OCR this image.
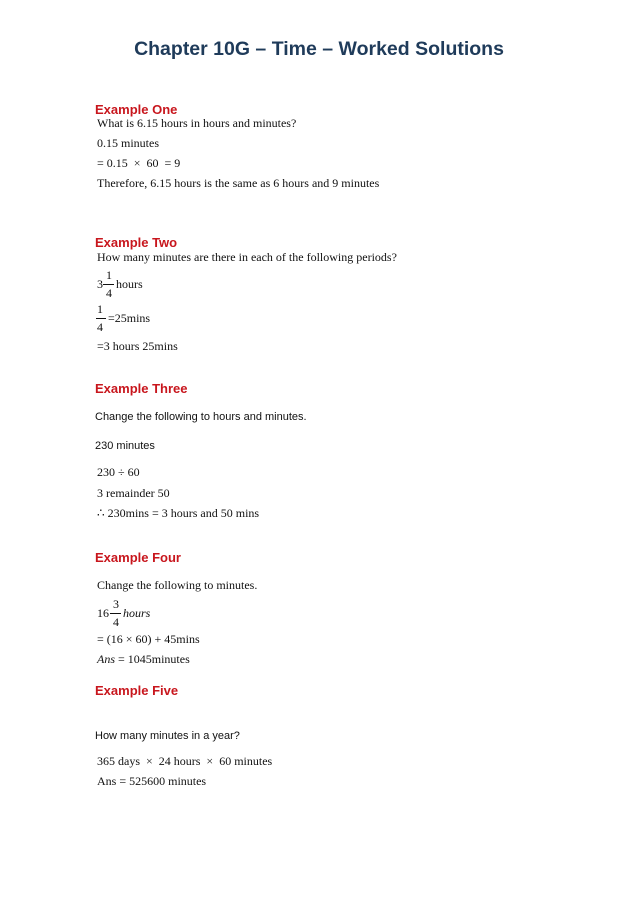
Chapter 10G – Time – Worked Solutions
Example One
What is 6.15 hours in hours and minutes?
0.15 minutes
= 0.15  ×  60  = 9
Therefore, 6.15 hours is the same as 6 hours and 9 minutes
Example Two
How many minutes are there in each of the following periods?
3
1
4
hours
1
4
=25mins
=3 hours 25mins
Example Three
Change the following to hours and minutes.
230 minutes
230 ÷ 60
3 remainder 50
∴ 230mins = 3 hours and 50 mins
Example Four
Change the following to minutes.
16
3
4
hours
= (16 × 60) + 45mins
Ans = 1045minutes
Example Five
How many minutes in a year?
365 days  ×  24 hours  ×  60 minutes
Ans = 525600 minutes
